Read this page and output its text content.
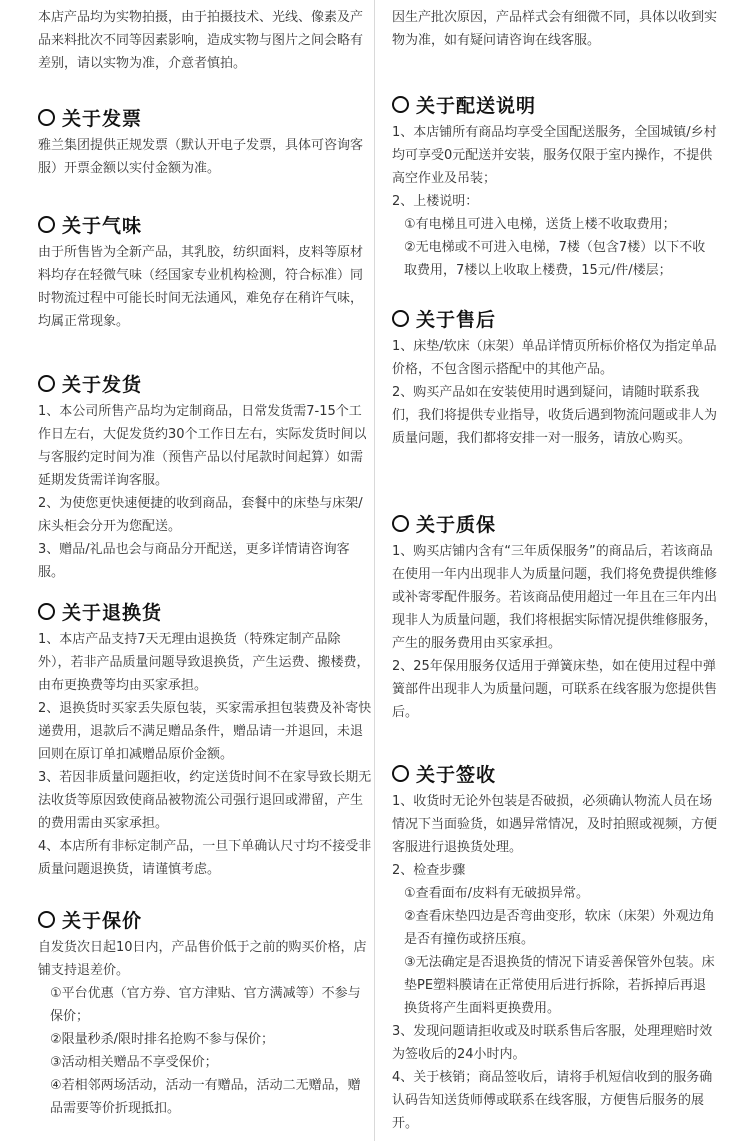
本店产品均为实物拍摄，由于拍摄技术、光线、像素及产品来料批次不同等因素影响，造成实物与图片之间会略有差别，请以实物为准，介意者慎拍。

关于发票

雅兰集团提供正规发票（默认开电子发票，具体可咨询客服）开票金额以实付金额为准。

关于气味

由于所售皆为全新产品，其乳胶，纺织面料，皮料等原材料均存在轻微气味（经国家专业机构检测，符合标准）同时物流过程中可能长时间无法通风，难免存在稍许气味，均属正常现象。

关于发货

1、本公司所售产品均为定制商品，日常发货需7-15个工作日左右，大促发货约30个工作日左右，实际发货时间以与客服约定时间为准（预售产品以付尾款时间起算）如需延期发货需详询客服。

2、为使您更快速便捷的收到商品，套餐中的床垫与床架/床头柜会分开为您配送。

3、赠品/礼品也会与商品分开配送，更多详情请咨询客服。

关于退换货

1、本店产品支持7天无理由退换货（特殊定制产品除外），若非产品质量问题导致退换货，产生运费、搬楼费，由布更换费等均由买家承担。

2、退换货时买家丢失原包装，买家需承担包装费及补寄快递费用，退款后不满足赠品条件，赠品请一并退回，未退回则在原订单扣减赠品原价金额。

3、若因非质量问题拒收，约定送货时间不在家导致长期无法收货等原因致使商品被物流公司强行退回或滞留，产生的费用需由买家承担。

4、本店所有非标定制产品，一旦下单确认尺寸均不接受非质量问题退换货，请谨慎考虑。

关于保价

自发货次日起10日内，产品售价低于之前的购买价格，店铺支持退差价。

①平台优惠（官方券、官方津贴、官方满减等）不参与保价；

②限量秒杀/限时排名抢购不参与保价；

③活动相关赠品不享受保价；

④若相邻两场活动，活动一有赠品，活动二无赠品，赠品需要等价折现抵扣。

因生产批次原因，产品样式会有细微不同，具体以收到实物为准，如有疑问请咨询在线客服。

关于配送说明

1、本店铺所有商品均享受全国配送服务，全国城镇/乡村均可享受0元配送并安装，服务仅限于室内操作，不提供高空作业及吊装；

2、上楼说明：

①有电梯且可进入电梯，送货上楼不收取费用；

②无电梯或不可进入电梯，7楼（包含7楼）以下不收取费用，7楼以上收取上楼费，15元/件/楼层；

关于售后

1、床垫/软床（床架）单品详情页所标价格仅为指定单品价格，不包含图示搭配中的其他产品。

2、购买产品如在安装使用时遇到疑问，请随时联系我们，我们将提供专业指导，收货后遇到物流问题或非人为质量问题，我们都将安排一对一服务，请放心购买。

关于质保

1、购买店铺内含有“三年质保服务”的商品后，若该商品在使用一年内出现非人为质量问题，我们将免费提供维修或补寄零配件服务。若该商品使用超过一年且在三年内出现非人为质量问题，我们将根据实际情况提供维修服务，产生的服务费用由买家承担。

2、25年保用服务仅适用于弹簧床垫，如在使用过程中弹簧部件出现非人为质量问题，可联系在线客服为您提供售后。

关于签收

1、收货时无论外包装是否破损，必须确认物流人员在场情况下当面验货，如遇异常情况，及时拍照或视频，方便客服进行退换货处理。

2、检查步骤

①查看面布/皮料有无破损异常。

②查看床垫四边是否弯曲变形，软床（床架）外观边角是否有撞伤或挤压痕。

③无法确定是否退换货的情况下请妥善保管外包装。床垫PE塑料膜请在正常使用后进行拆除，若拆掉后再退换货将产生面料更换费用。

3、发现问题请拒收或及时联系售后客服，处理理赔时效为签收后的24小时内。

4、关于核销；商品签收后，请将手机短信收到的服务确认码告知送货师傅或联系在线客服，方便售后服务的展开。
